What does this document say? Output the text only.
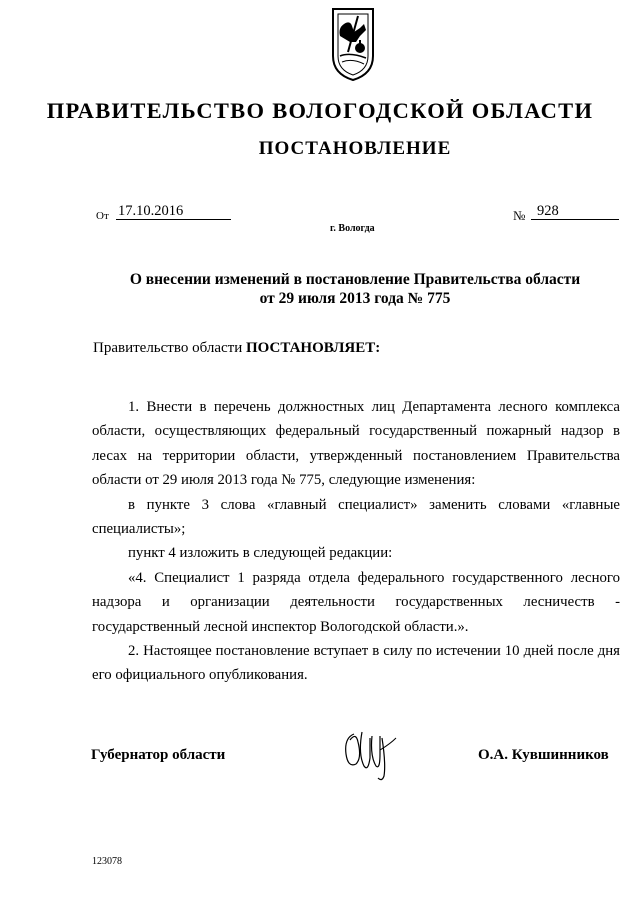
ПРАВИТЕЛЬСТВО ВОЛОГОДСКОЙ ОБЛАСТИ
ПОСТАНОВЛЕНИЕ
От 17.10.2016	№ 928
г. Вологда
О внесении изменений в постановление Правительства области
от 29 июля 2013 года № 775
Правительство области ПОСТАНОВЛЯЕТ:

1. Внести в перечень должностных лиц Департамента лесного комплекса области, осуществляющих федеральный государственный пожарный надзор в лесах на территории области, утвержденный постановлением Правительства области от 29 июля 2013 года № 775, следующие изменения:

в пункте 3 слова «главный специалист» заменить словами «главные специалисты»;

пункт 4 изложить в следующей редакции:

«4. Специалист 1 разряда отдела федерального государственного лесного надзора и организации деятельности государственных лесничеств - государственный лесной инспектор Вологодской области.».

2. Настоящее постановление вступает в силу по истечении 10 дней после дня его официального опубликования.

Губернатор области	О.А. Кувшинников
123078
